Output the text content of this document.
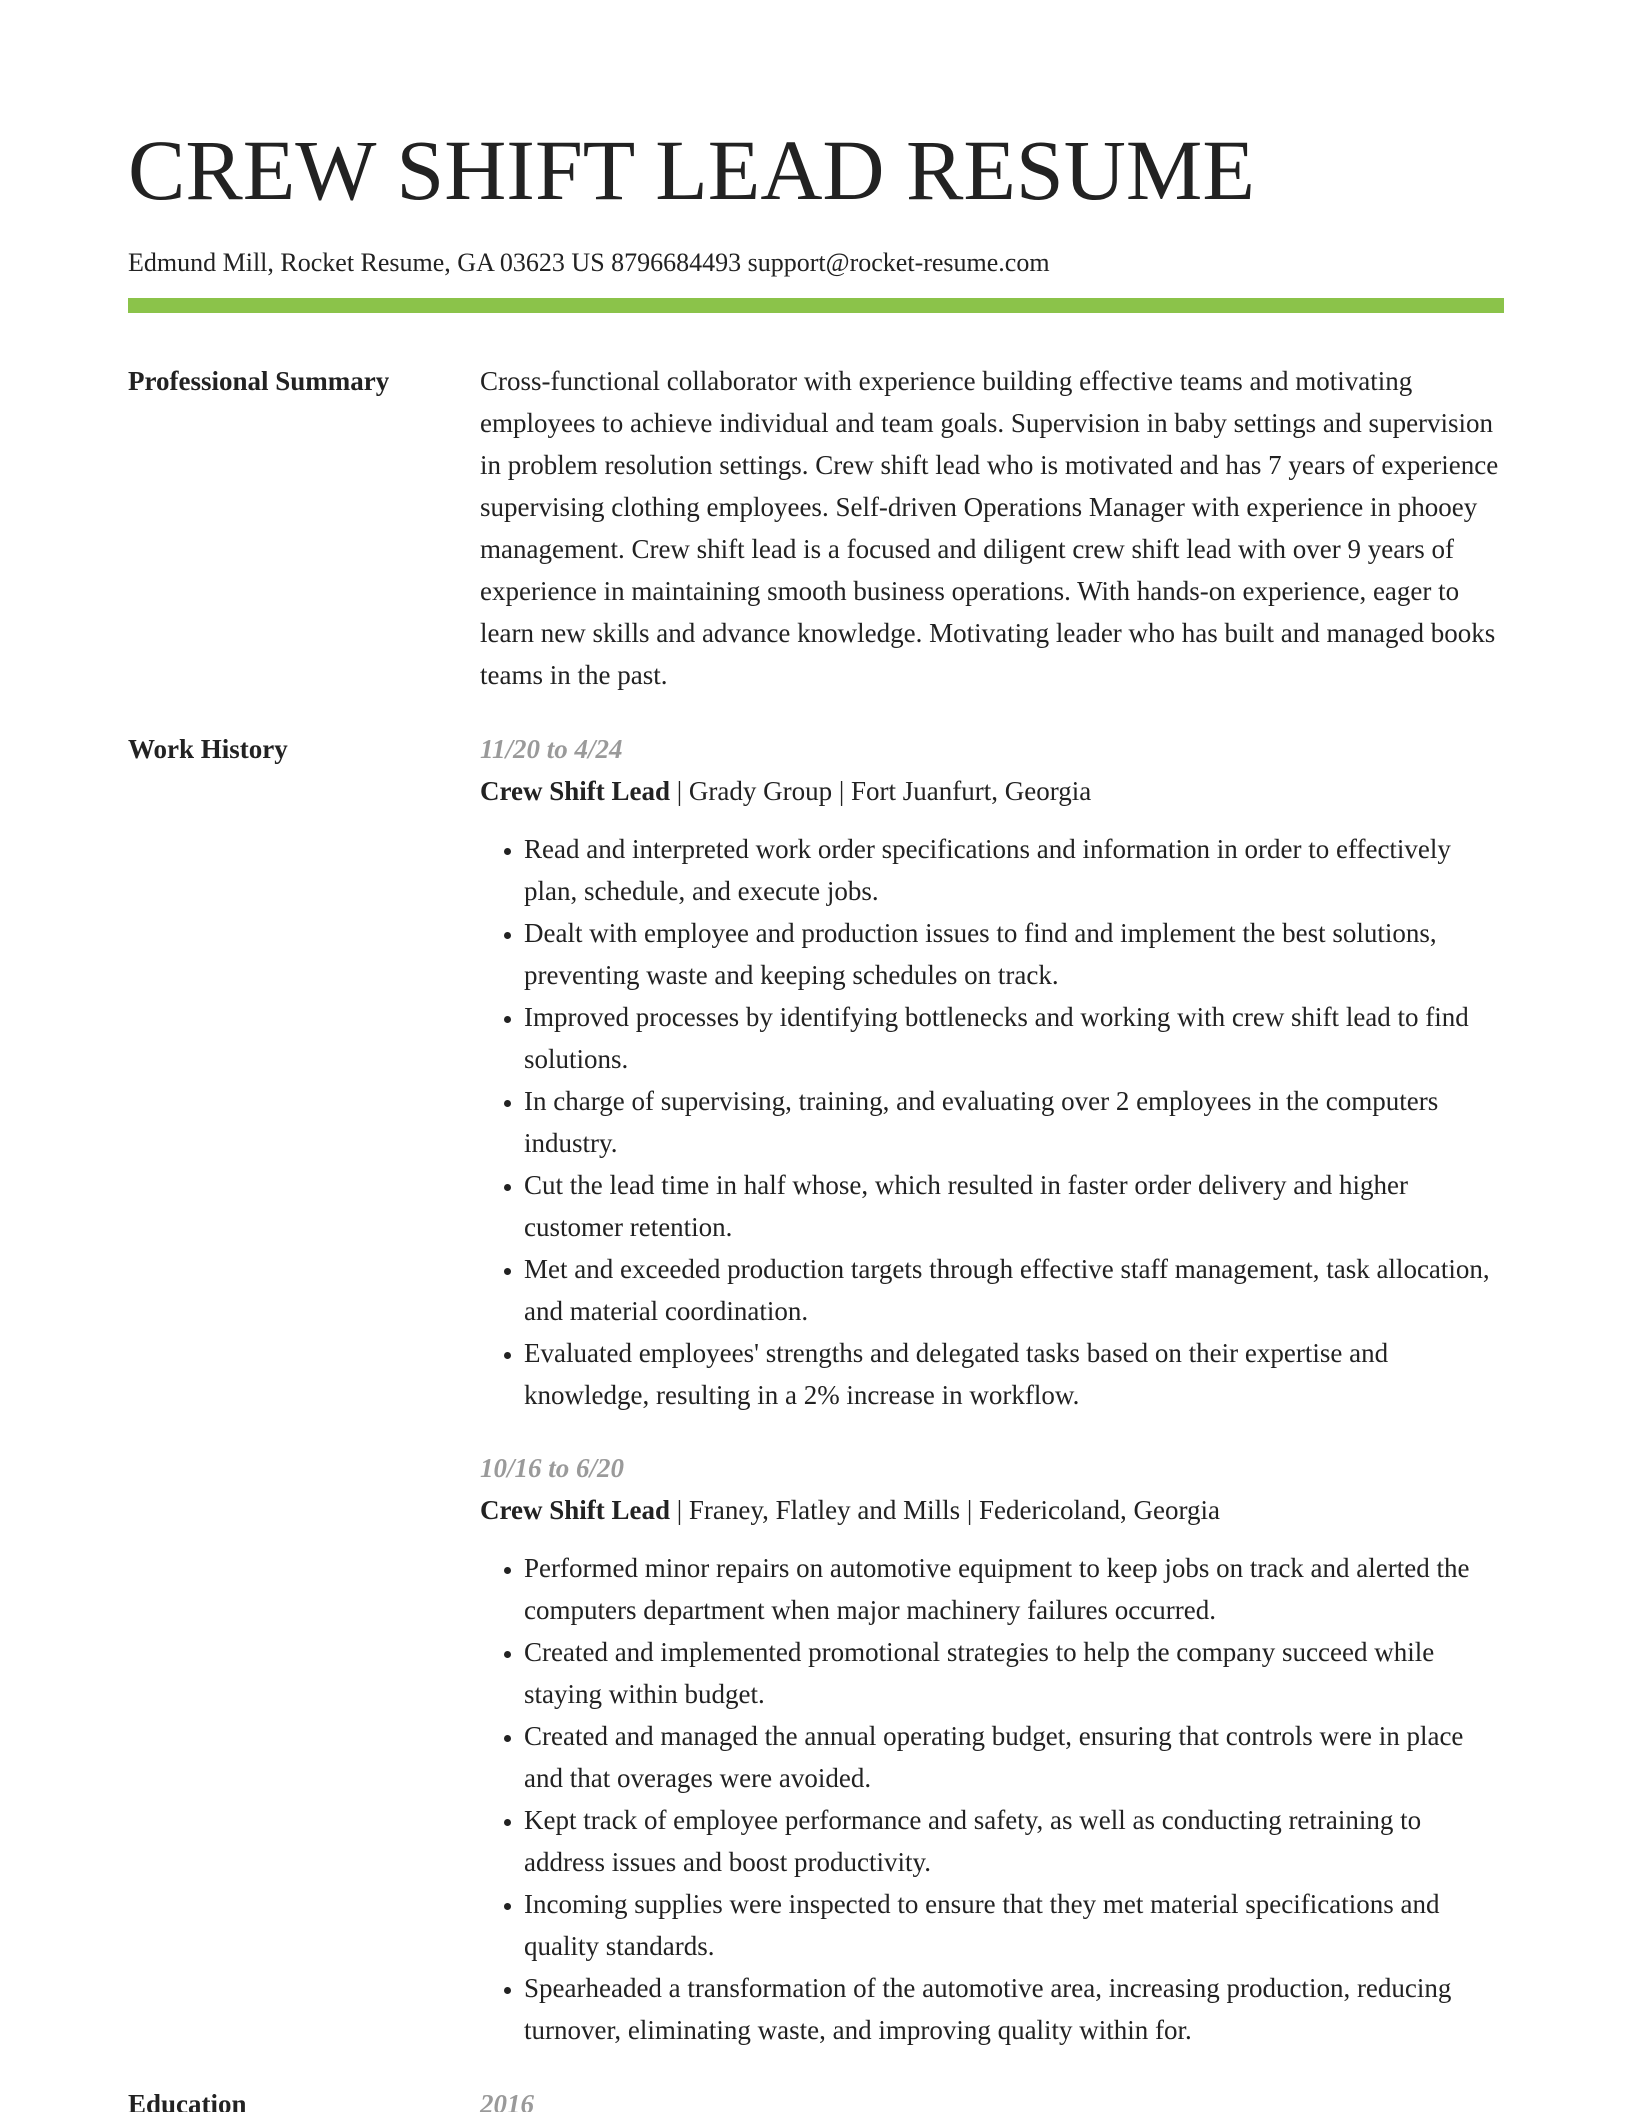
CREW SHIFT LEAD RESUME
Edmund Mill, Rocket Resume, GA 03623 US 8796684493 support@rocket-resume.com
Professional Summary	Cross-functional collaborator with experience building effective teams and motivating employees to achieve individual and team goals. Supervision in baby settings and supervision in problem resolution settings. Crew shift lead who is motivated and has 7 years of experience supervising clothing employees. Self-driven Operations Manager with experience in phooey management. Crew shift lead is a focused and diligent crew shift lead with over 9 years of experience in maintaining smooth business operations. With hands-on experience, eager to learn new skills and advance knowledge. Motivating leader who has built and managed books teams in the past.
Work History	11/20 to 4/24
Crew Shift Lead | Grady Group | Fort Juanfurt, Georgia
• Read and interpreted work order specifications and information in order to effectively plan, schedule, and execute jobs.
• Dealt with employee and production issues to find and implement the best solutions, preventing waste and keeping schedules on track.
• Improved processes by identifying bottlenecks and working with crew shift lead to find solutions.
• In charge of supervising, training, and evaluating over 2 employees in the computers industry.
• Cut the lead time in half whose, which resulted in faster order delivery and higher customer retention.
• Met and exceeded production targets through effective staff management, task allocation, and material coordination.
• Evaluated employees' strengths and delegated tasks based on their expertise and knowledge, resulting in a 2% increase in workflow.
10/16 to 6/20
Crew Shift Lead | Franey, Flatley and Mills | Federicoland, Georgia
• Performed minor repairs on automotive equipment to keep jobs on track and alerted the computers department when major machinery failures occurred.
• Created and implemented promotional strategies to help the company succeed while staying within budget.
• Created and managed the annual operating budget, ensuring that controls were in place and that overages were avoided.
• Kept track of employee performance and safety, as well as conducting retraining to address issues and boost productivity.
• Incoming supplies were inspected to ensure that they met material specifications and quality standards.
• Spearheaded a transformation of the automotive area, increasing production, reducing turnover, eliminating waste, and improving quality within for.
Education	2016
